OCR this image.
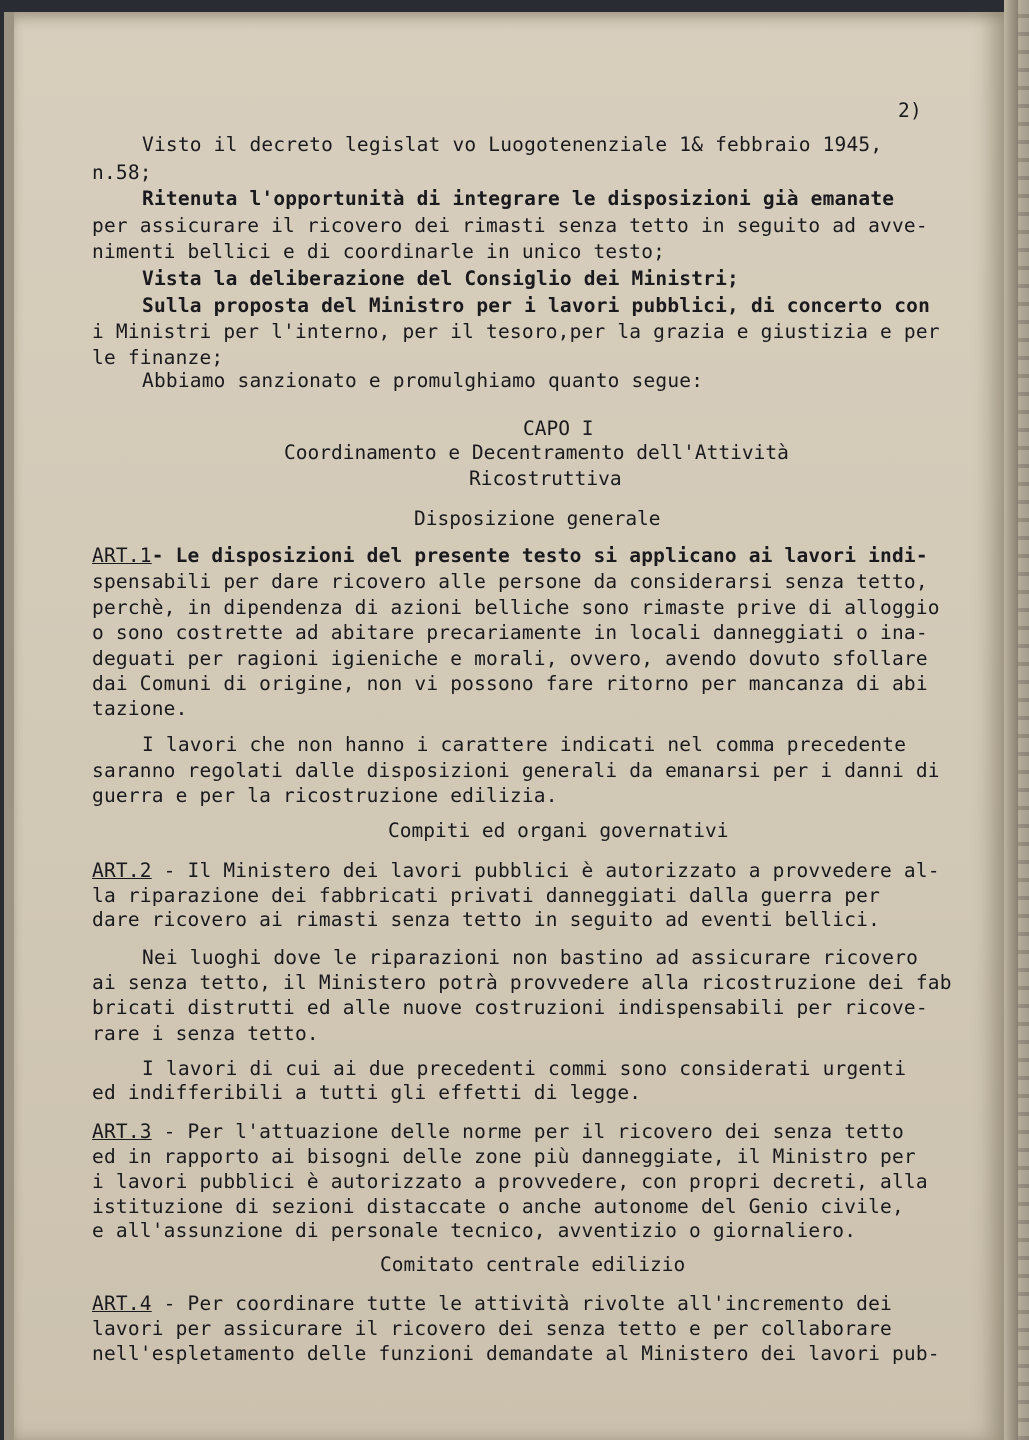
2)
Visto il decreto legislat vo Luogotenenziale 1& febbraio 1945,
n.58;
Ritenuta l'opportunità di integrare le disposizioni già emanate
per assicurare il ricovero dei rimasti senza tetto in seguito ad avve-
nimenti bellici e di coordinarle in unico testo;
Vista la deliberazione del Consiglio dei Ministri;
Sulla proposta del Ministro per i lavori pubblici, di concerto con
i Ministri per l'interno, per il tesoro,per la grazia e giustizia e per
le finanze;
Abbiamo sanzionato e promulghiamo quanto segue:
CAPO I
Coordinamento e Decentramento dell'Attività
Ricostruttiva
Disposizione generale
ART.1- Le disposizioni del presente testo si applicano ai lavori indi-
spensabili per dare ricovero alle persone da considerarsi senza tetto,
perchè, in dipendenza di azioni belliche sono rimaste prive di alloggio
o sono costrette ad abitare precariamente in locali danneggiati o ina-
deguati per ragioni igieniche e morali, ovvero, avendo dovuto sfollare
dai Comuni di origine, non vi possono fare ritorno per mancanza di abi
tazione.
I lavori che non hanno i carattere indicati nel comma precedente
saranno regolati dalle disposizioni generali da emanarsi per i danni di
guerra e per la ricostruzione edilizia.
Compiti ed organi governativi
ART.2 - Il Ministero dei lavori pubblici è autorizzato a provvedere al-
la riparazione dei fabbricati privati danneggiati dalla guerra per
dare ricovero ai rimasti senza tetto in seguito ad eventi bellici.
Nei luoghi dove le riparazioni non bastino ad assicurare ricovero
ai senza tetto, il Ministero potrà provvedere alla ricostruzione dei fab
bricati distrutti ed alle nuove costruzioni indispensabili per ricove-
rare i senza tetto.
I lavori di cui ai due precedenti commi sono considerati urgenti
ed indifferibili a tutti gli effetti di legge.
ART.3 - Per l'attuazione delle norme per il ricovero dei senza tetto
ed in rapporto ai bisogni delle zone più danneggiate, il Ministro per
i lavori pubblici è autorizzato a provvedere, con propri decreti, alla
istituzione di sezioni distaccate o anche autonome del Genio civile,
e all'assunzione di personale tecnico, avventizio o giornaliero.
Comitato centrale edilizio
ART.4 - Per coordinare tutte le attività rivolte all'incremento dei
lavori per assicurare il ricovero dei senza tetto e per collaborare
nell'espletamento delle funzioni demandate al Ministero dei lavori pub-
